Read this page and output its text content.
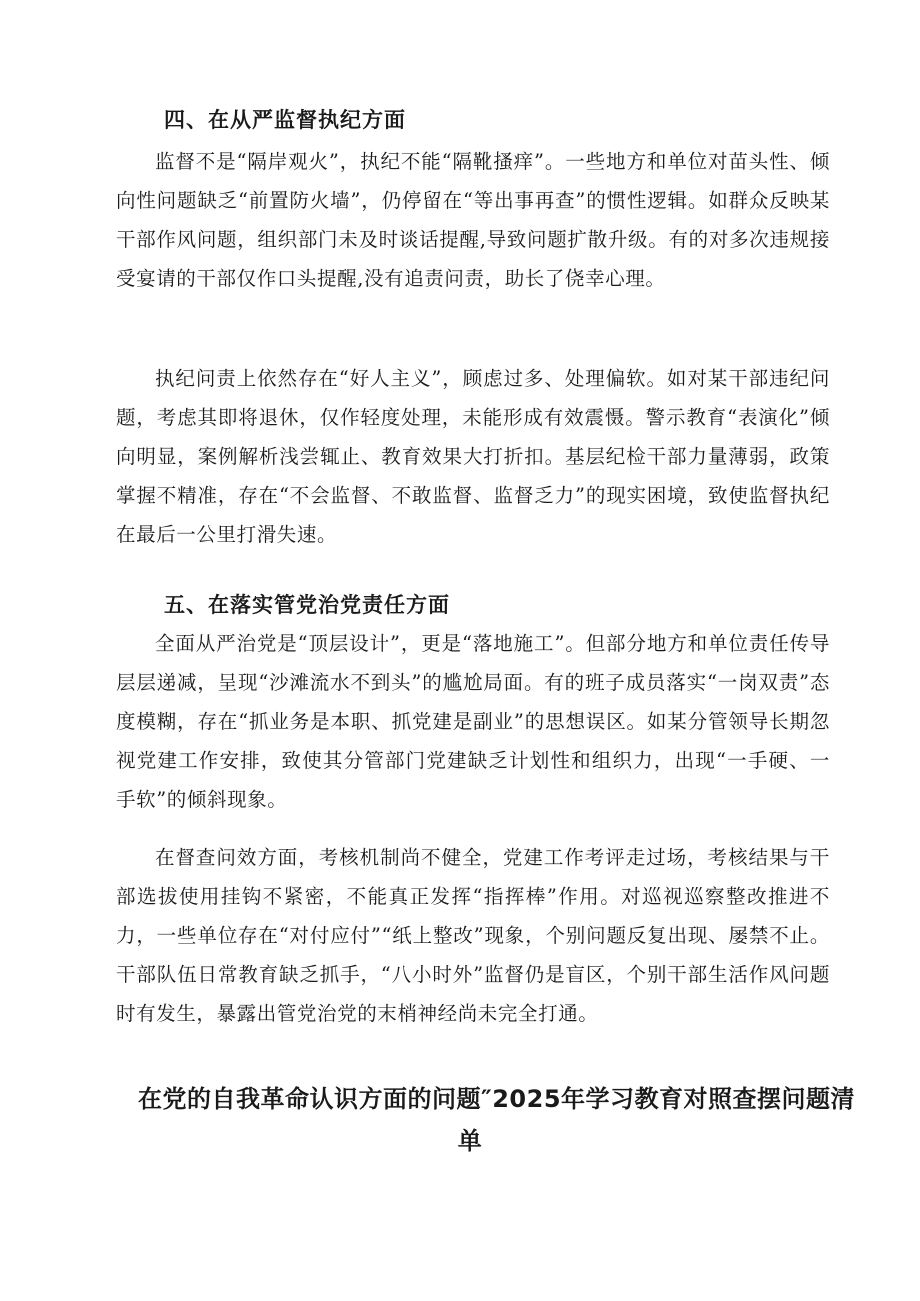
四、在从严监督执纪方面

监督不是“隔岸观火”，执纪不能“隔靴搔痒”。一些地方和单位对苗头性、倾向性问题缺乏“前置防火墙”，仍停留在“等出事再查”的惯性逻辑。如群众反映某干部作风问题，组织部门未及时谈话提醒,导致问题扩散升级。有的对多次违规接受宴请的干部仅作口头提醒,没有追责问责，助长了侥幸心理。

执纪问责上依然存在“好人主义”，顾虑过多、处理偏软。如对某干部违纪问题，考虑其即将退休，仅作轻度处理，未能形成有效震慑。警示教育“表演化”倾向明显，案例解析浅尝辄止、教育效果大打折扣。基层纪检干部力量薄弱，政策掌握不精准，存在“不会监督、不敢监督、监督乏力”的现实困境，致使监督执纪在最后一公里打滑失速。

五、在落实管党治党责任方面

全面从严治党是“顶层设计”，更是“落地施工”。但部分地方和单位责任传导层层递减，呈现“沙滩流水不到头”的尴尬局面。有的班子成员落实“一岗双责”态度模糊，存在“抓业务是本职、抓党建是副业”的思想误区。如某分管领导长期忽视党建工作安排，致使其分管部门党建缺乏计划性和组织力，出现“一手硬、一手软”的倾斜现象。

在督查问效方面，考核机制尚不健全，党建工作考评走过场，考核结果与干部选拔使用挂钩不紧密，不能真正发挥“指挥棒”作用。对巡视巡察整改推进不力，一些单位存在“对付应付”“纸上整改”现象，个别问题反复出现、屡禁不止。干部队伍日常教育缺乏抓手，“八小时外”监督仍是盲区，个别干部生活作风问题时有发生，暴露出管党治党的末梢神经尚未完全打通。

在党的自我革命认识方面的问题″2025年学习教育对照查摆问题清
单
